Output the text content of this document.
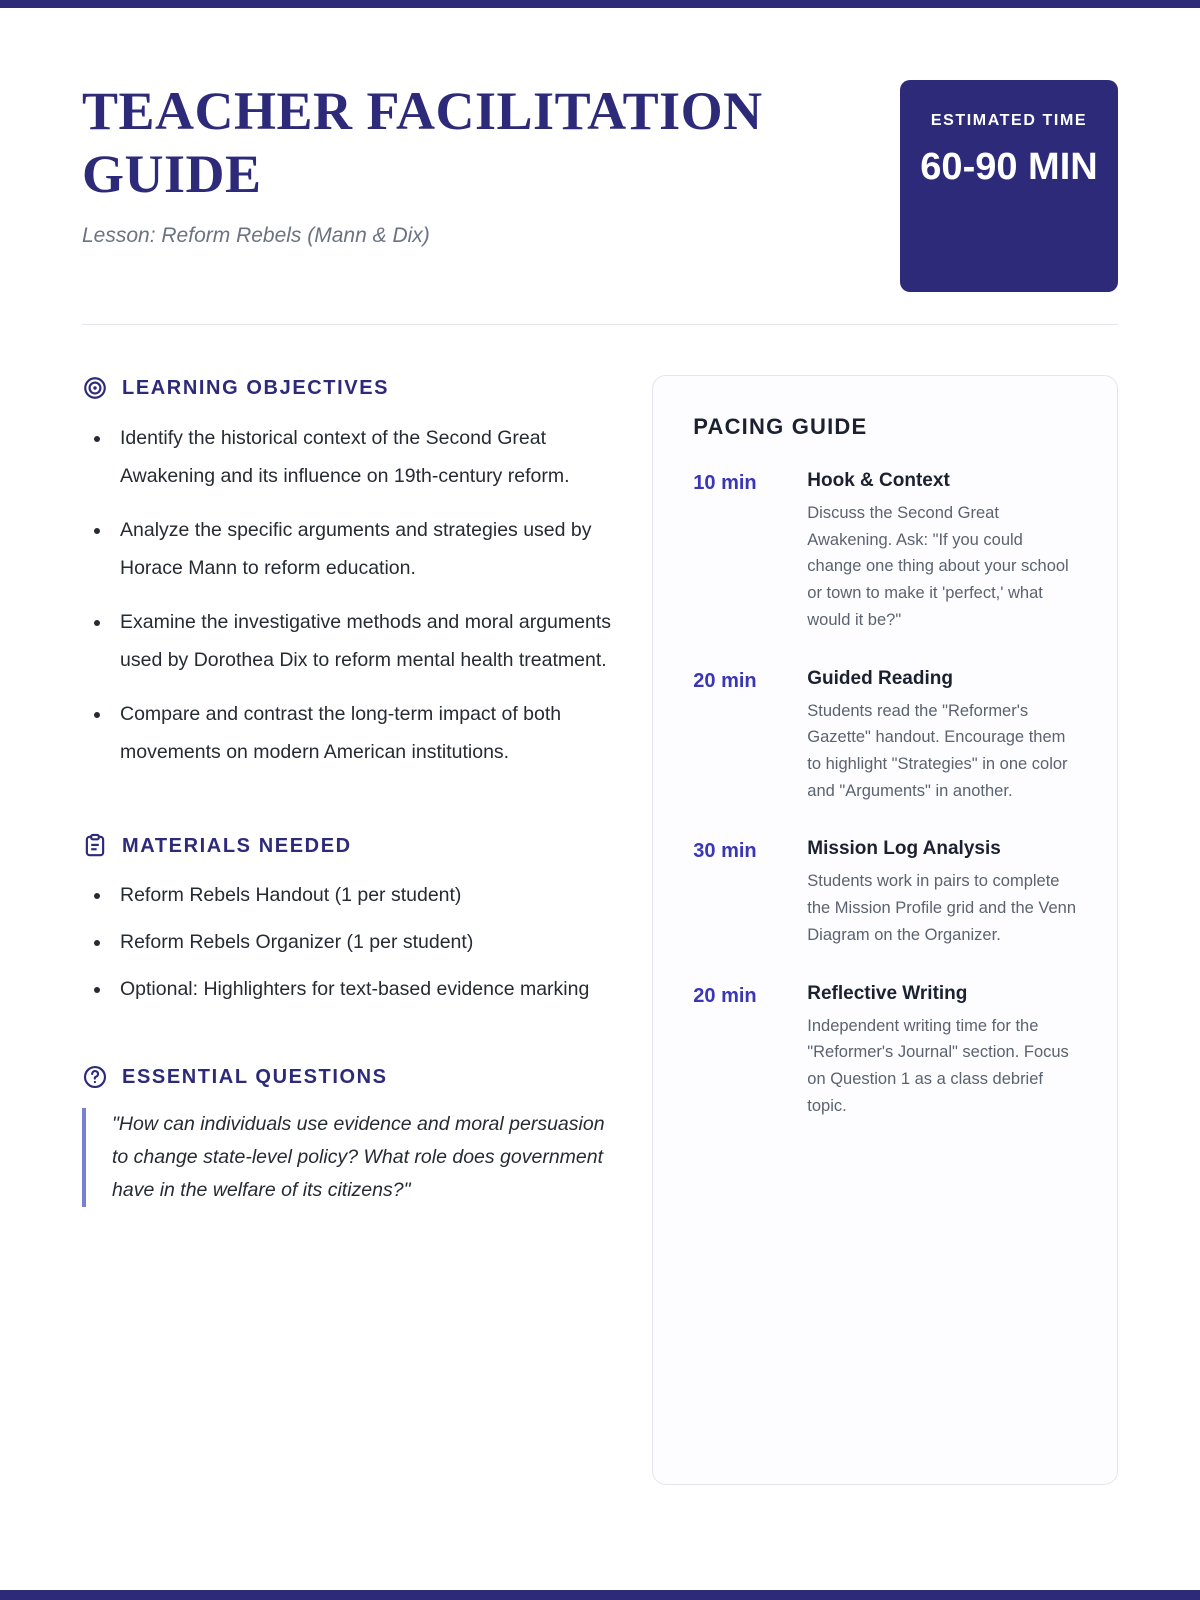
TEACHER FACILITATION GUIDE
Lesson: Reform Rebels (Mann & Dix)
ESTIMATED TIME
60-90 MIN
LEARNING OBJECTIVES
• Identify the historical context of the Second Great Awakening and its influence on 19th-century reform.
• Analyze the specific arguments and strategies used by Horace Mann to reform education.
• Examine the investigative methods and moral arguments used by Dorothea Dix to reform mental health treatment.
• Compare and contrast the long-term impact of both movements on modern American institutions.
MATERIALS NEEDED
• Reform Rebels Handout (1 per student)
• Reform Rebels Organizer (1 per student)
• Optional: Highlighters for text-based evidence marking
ESSENTIAL QUESTIONS

"How can individuals use evidence and moral persuasion to change state-level policy? What role does government have in the welfare of its citizens?"

PACING GUIDE
10 min	Hook & Context
Discuss the Second Great Awakening. Ask: "If you could change one thing about your school or town to make it 'perfect,' what would it be?"
20 min	Guided Reading
Students read the "Reformer's Gazette" handout. Encourage them to highlight "Strategies" in one color and "Arguments" in another.
30 min	Mission Log Analysis
Students work in pairs to complete the Mission Profile grid and the Venn Diagram on the Organizer.
20 min	Reflective Writing
Independent writing time for the "Reformer's Journal" section. Focus on Question 1 as a class debrief topic.
